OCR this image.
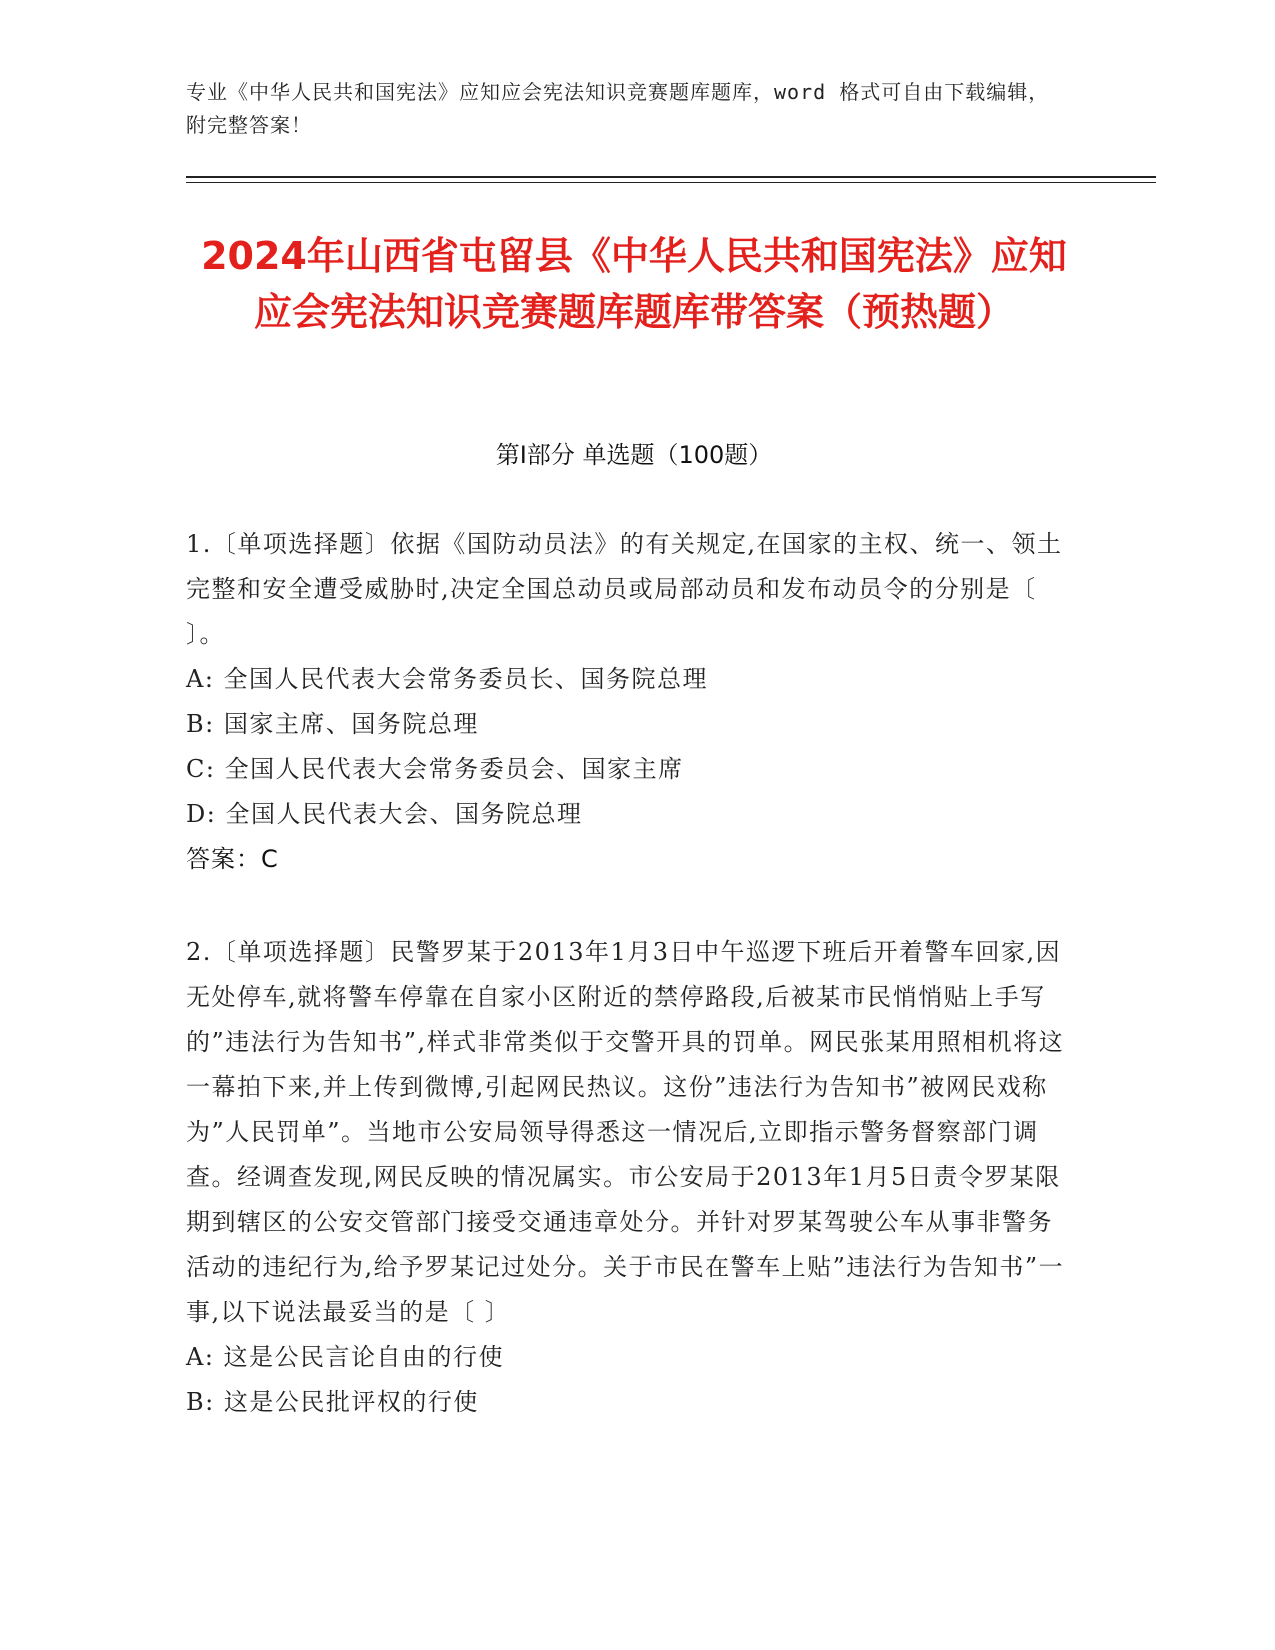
专业《中华人民共和国宪法》应知应会宪法知识竞赛题库题库，word 格式可自由下载编辑，附完整答案！
2024年山西省屯留县《中华人民共和国宪法》应知应会宪法知识竞赛题库题库带答案（预热题）
第Ⅰ部分 单选题（100题）

1.〔单项选择题〕依据《国防动员法》的有关规定,在国家的主权、统一、领土完整和安全遭受威胁时,决定全国总动员或局部动员和发布动员令的分别是〔 〕。

A: 全国人民代表大会常务委员长、国务院总理

B: 国家主席、国务院总理

C: 全国人民代表大会常务委员会、国家主席

D: 全国人民代表大会、国务院总理

答案：C

2.〔单项选择题〕民警罗某于2013年1月3日中午巡逻下班后开着警车回家,因无处停车,就将警车停靠在自家小区附近的禁停路段,后被某市民悄悄贴上手写的”违法行为告知书”,样式非常类似于交警开具的罚单。网民张某用照相机将这一幕拍下来,并上传到微博,引起网民热议。这份”违法行为告知书”被网民戏称为”人民罚单”。当地市公安局领导得悉这一情况后,立即指示警务督察部门调查。经调查发现,网民反映的情况属实。市公安局于2013年1月5日责令罗某限期到辖区的公安交管部门接受交通违章处分。并针对罗某驾驶公车从事非警务活动的违纪行为,给予罗某记过处分。关于市民在警车上贴”违法行为告知书”一事,以下说法最妥当的是〔 〕

A: 这是公民言论自由的行使

B: 这是公民批评权的行使
